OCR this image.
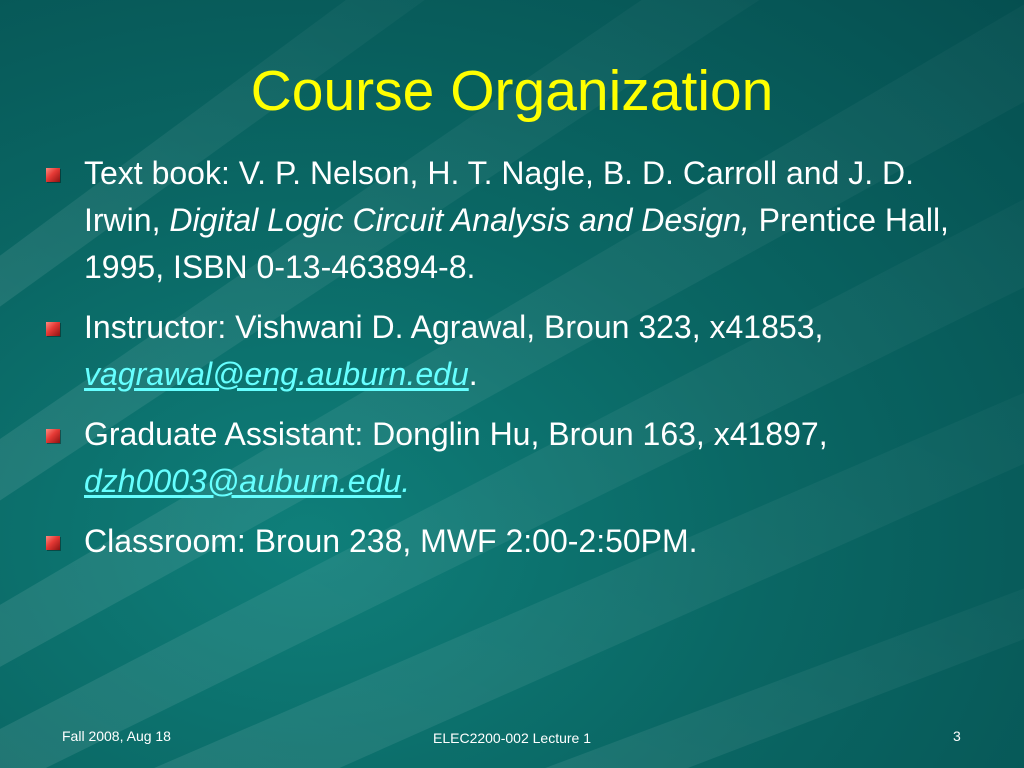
Course Organization
Text book: V. P. Nelson, H. T. Nagle, B. D. Carroll and J. D. Irwin, Digital Logic Circuit Analysis and Design, Prentice Hall, 1995, ISBN 0-13-463894-8.
Instructor: Vishwani D. Agrawal, Broun 323, x41853, vagrawal@eng.auburn.edu.
Graduate Assistant: Donglin Hu, Broun 163, x41897, dzh0003@auburn.edu.
Classroom: Broun 238, MWF 2:00-2:50PM.
Fall 2008, Aug 18	ELEC2200-002 Lecture 1	3
